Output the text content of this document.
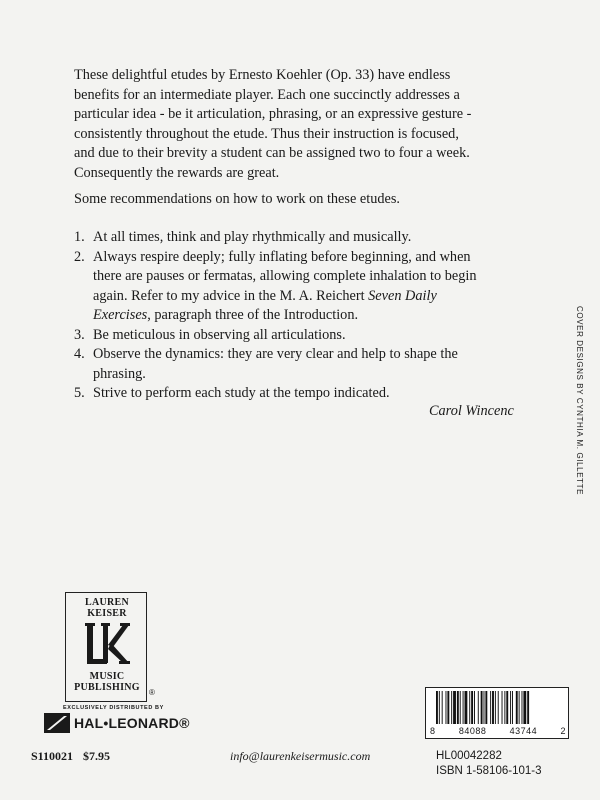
These delightful etudes by Ernesto Koehler (Op. 33) have endless benefits for an intermediate player. Each one succinctly addresses a particular idea - be it articulation, phrasing, or an expressive gesture - consistently throughout the etude. Thus their instruction is focused, and due to their brevity a student can be assigned two to four a week. Consequently the rewards are great.

Some recommendations on how to work on these etudes.

1. At all times, think and play rhythmically and musically.
2. Always respire deeply; fully inflating before beginning, and when there are pauses or fermatas, allowing complete inhalation to begin again. Refer to my advice in the M. A. Reichert Seven Daily Exercises, paragraph three of the Introduction.
3. Be meticulous in observing all articulations.
4. Observe the dynamics: they are very clear and help to shape the phrasing.
5. Strive to perform each study at the tempo indicated.
Carol Wincenc	COVER DESIGNS BY CYNTHIA M. GILLETTE
LAUREN
KEISER
MUSIC
PUBLISHING	®
EXCLUSIVELY DISTRIBUTED BY
HAL•LEONARD®
S110021 $7.95	info@laurenkeisermusic.com
8	84088	43744	2
HL00042282
ISBN 1-58106-101-3
